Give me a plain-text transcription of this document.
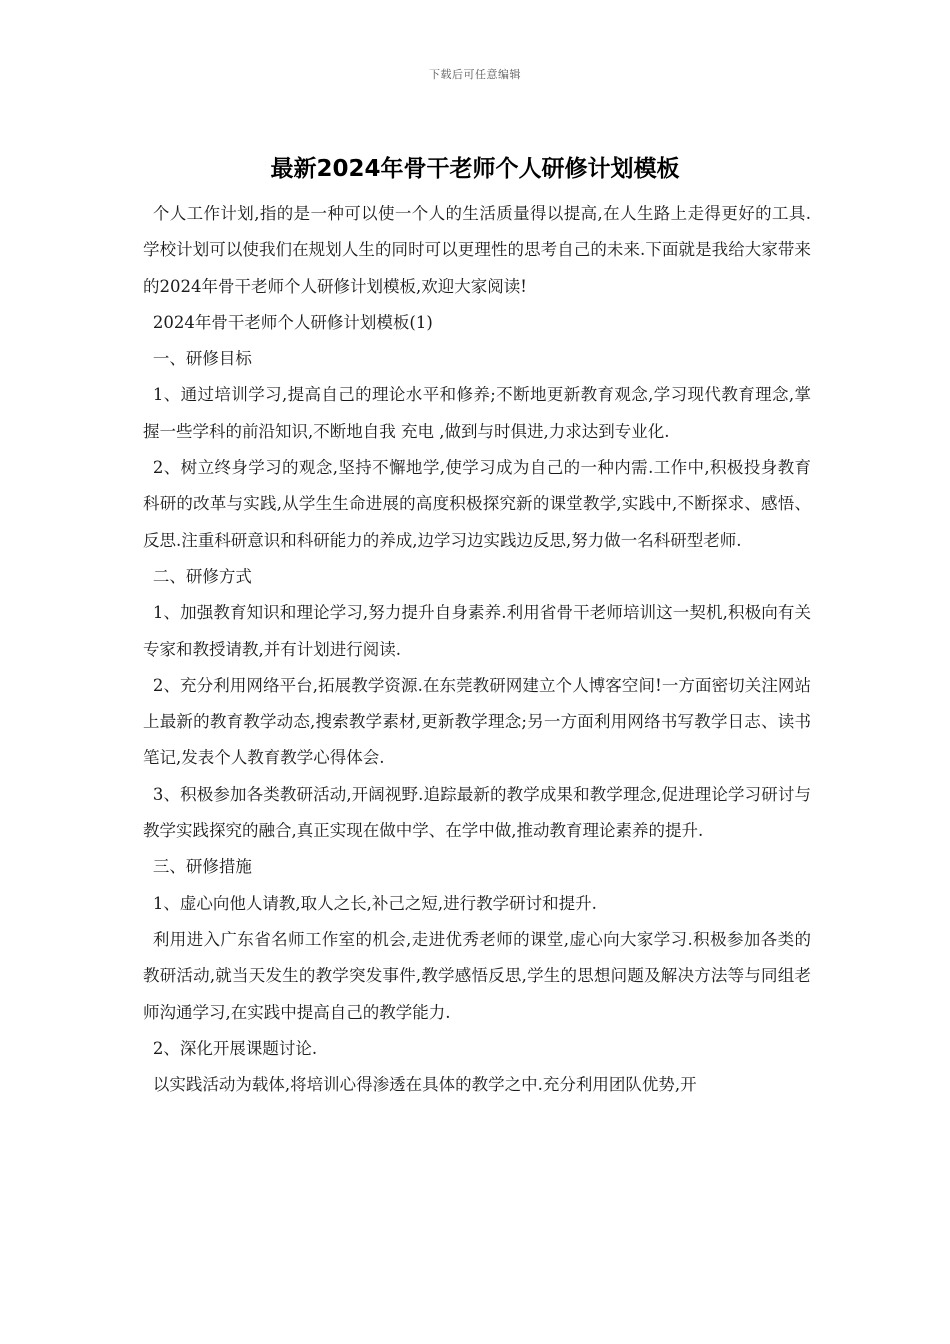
下载后可任意编辑
最新2024年骨干老师个人研修计划模板

个人工作计划,指的是一种可以使一个人的生活质量得以提高,在人生路上走得更好的工具.学校计划可以使我们在规划人生的同时可以更理性的思考自己的未来.下面就是我给大家带来的2024年骨干老师个人研修计划模板,欢迎大家阅读!

2024年骨干老师个人研修计划模板(1)

一、研修目标

1、通过培训学习,提高自己的理论水平和修养;不断地更新教育观念,学习现代教育理念,掌握一些学科的前沿知识,不断地自我 充电 ,做到与时俱进,力求达到专业化.

2、树立终身学习的观念,坚持不懈地学,使学习成为自己的一种内需.工作中,积极投身教育科研的改革与实践,从学生生命进展的高度积极探究新的课堂教学,实践中,不断探求、感悟、反思.注重科研意识和科研能力的养成,边学习边实践边反思,努力做一名科研型老师.

二、研修方式

1、加强教育知识和理论学习,努力提升自身素养.利用省骨干老师培训这一契机,积极向有关专家和教授请教,并有计划进行阅读.

2、充分利用网络平台,拓展教学资源.在东莞教研网建立个人博客空间!一方面密切关注网站上最新的教育教学动态,搜索教学素材,更新教学理念;另一方面利用网络书写教学日志、读书笔记,发表个人教育教学心得体会.

3、积极参加各类教研活动,开阔视野.追踪最新的教学成果和教学理念,促进理论学习研讨与教学实践探究的融合,真正实现在做中学、在学中做,推动教育理论素养的提升.

三、研修措施

1、虚心向他人请教,取人之长,补己之短,进行教学研讨和提升.

利用进入广东省名师工作室的机会,走进优秀老师的课堂,虚心向大家学习.积极参加各类的教研活动,就当天发生的教学突发事件,教学感悟反思,学生的思想问题及解决方法等与同组老师沟通学习,在实践中提高自己的教学能力.

2、深化开展课题讨论.

以实践活动为载体,将培训心得渗透在具体的教学之中.充分利用团队优势,开
